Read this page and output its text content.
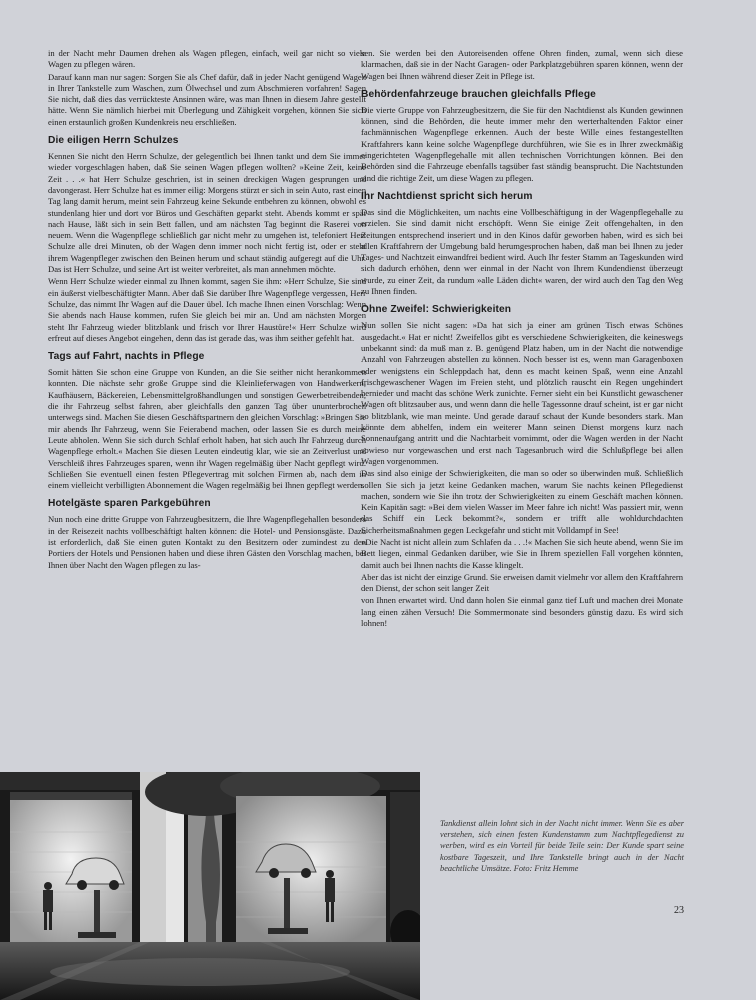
in der Nacht mehr Daumen drehen als Wagen pflegen, einfach, weil gar nicht so viele Wagen zu pflegen wären.

Darauf kann man nur sagen: Sorgen Sie als Chef dafür, daß in jeder Nacht genügend Wagen in Ihrer Tankstelle zum Waschen, zum Ölwechsel und zum Abschmieren vorfahren! Sagen Sie nicht, daß dies das verrückteste Ansinnen wäre, was man Ihnen in diesem Jahre gestellt hätte. Wenn Sie nämlich hierbei mit Überlegung und Zähigkeit vorgehen, können Sie sich einen erstaunlich großen Kundenkreis neu erschließen.

Die eiligen Herrn Schulzes

Kennen Sie nicht den Herrn Schulze, der gelegentlich bei Ihnen tankt und dem Sie immer wieder vorgeschlagen haben, daß Sie seinen Wagen pflegen wollten? »Keine Zeit, keine Zeit . . .« hat Herr Schulze geschrien, ist in seinen dreckigen Wagen gesprungen und davongerast. Herr Schulze hat es immer eilig: Morgens stürzt er sich in sein Auto, rast einen Tag lang damit herum, meint sein Fahrzeug keine Sekunde entbehren zu können, obwohl es stundenlang hier und dort vor Büros und Geschäften geparkt steht. Abends kommt er spät nach Hause, läßt sich in sein Bett fallen, und am nächsten Tag beginnt die Raserei von neuem. Wenn die Wagenpflege schließlich gar nicht mehr zu umgehen ist, telefoniert Herr Schulze alle drei Minuten, ob der Wagen denn immer noch nicht fertig ist, oder er steht ihrem Wagenpfleger zwischen den Beinen herum und schaut ständig aufgeregt auf die Uhr. Das ist Herr Schulze, und seine Art ist weiter verbreitet, als man annehmen möchte.

Wenn Herr Schulze wieder einmal zu Ihnen kommt, sagen Sie ihm: »Herr Schulze, Sie sind ein äußerst vielbeschäftigter Mann. Aber daß Sie darüber Ihre Wagenpflege vergessen, Herr Schulze, das nimmt Ihr Wagen auf die Dauer übel. Ich mache Ihnen einen Vorschlag: Wenn Sie abends nach Hause kommen, rufen Sie gleich bei mir an. Und am nächsten Morgen steht Ihr Fahrzeug wieder blitzblank und frisch vor Ihrer Haustüre!« Herr Schulze wird erfreut auf dieses Angebot eingehen, denn das ist gerade das, was ihm seither gefehlt hat.

Tags auf Fahrt, nachts in Pflege

Somit hätten Sie schon eine Gruppe von Kunden, an die Sie seither nicht herankommen konnten. Die nächste sehr große Gruppe sind die Kleinlieferwagen von Handwerkern, Kaufhäusern, Bäckereien, Lebensmittelgroßhandlungen und sonstigen Gewerbetreibenden, die ihr Fahrzeug selbst fahren, aber gleichfalls den ganzen Tag über ununterbrochen unterwegs sind. Machen Sie diesen Geschäftspartnern den gleichen Vorschlag: »Bringen Sie mir abends Ihr Fahrzeug, wenn Sie Feierabend machen, oder lassen Sie es durch meine Leute abholen. Wenn Sie sich durch Schlaf erholt haben, hat sich auch Ihr Fahrzeug durch Wagenpflege erholt.« Machen Sie diesen Leuten eindeutig klar, wie sie an Zeitverlust und Verschleiß ihres Fahrzeuges sparen, wenn ihr Wagen regelmäßig über Nacht gepflegt wird. Schließen Sie eventuell einen festen Pflegevertrag mit solchen Firmen ab, nach dem in einem vielleicht verbilligten Abonnement die Wagen regelmäßig bei Ihnen gepflegt werden.

Hotelgäste sparen Parkgebühren

Nun noch eine dritte Gruppe von Fahrzeugbesitzern, die Ihre Wagenpflegehallen besonders in der Reisezeit nachts vollbeschäftigt halten können: die Hotel- und Pensionsgäste. Dazu ist erforderlich, daß Sie einen guten Kontakt zu den Besitzern oder zumindest zu den Portiers der Hotels und Pensionen haben und diese ihren Gästen den Vorschlag machen, bei Ihnen über Nacht den Wagen pflegen zu las-

sen. Sie werden bei den Autoreisenden offene Ohren finden, zumal, wenn sich diese klarmachen, daß sie in der Nacht Garagen- oder Parkplatzgebühren sparen können, wenn der Wagen bei Ihnen während dieser Zeit in Pflege ist.

Behördenfahrzeuge brauchen gleichfalls Pflege

Die vierte Gruppe von Fahrzeugbesitzern, die Sie für den Nachtdienst als Kunden gewinnen können, sind die Behörden, die heute immer mehr den werterhaltenden Faktor einer fachmännischen Wagenpflege erkennen. Auch der beste Wille eines festangestellten Kraftfahrers kann keine solche Wagenpflege durchführen, wie Sie es in Ihrer zweckmäßig eingerichteten Wagenpflegehalle mit allen technischen Vorrichtungen können. Bei den Behörden sind die Fahrzeuge ebenfalls tagsüber fast ständig beansprucht. Die Nachtstunden sind die richtige Zeit, um diese Wagen zu pflegen.

Ihr Nachtdienst spricht sich herum

Das sind die Möglichkeiten, um nachts eine Vollbeschäftigung in der Wagenpflegehalle zu erzielen. Sie sind damit nicht erschöpft. Wenn Sie einige Zeit offengehalten, in den Zeitungen entsprechend inseriert und in den Kinos dafür geworben haben, wird es sich bei allen Kraftfahrern der Umgebung bald herumgesprochen haben, daß man bei Ihnen zu jeder Tages- und Nachtzeit einwandfrei bedient wird. Auch Ihr fester Stamm an Tageskunden wird sich dadurch erhöhen, denn wer einmal in der Nacht von Ihrem Kundendienst überzeugt wurde, zu einer Zeit, da rundum »alle Läden dicht« waren, der wird auch den Tag den Weg zu Ihnen finden.

Ohne Zweifel: Schwierigkeiten

Nun sollen Sie nicht sagen: »Da hat sich ja einer am grünen Tisch etwas Schönes ausgedacht.« Hat er nicht! Zweifellos gibt es verschiedene Schwierigkeiten, die keineswegs unbekannt sind: da muß man z. B. genügend Platz haben, um in der Nacht die notwendige Anzahl von Fahrzeugen abstellen zu können. Noch besser ist es, wenn man Garagenboxen oder wenigstens ein Schleppdach hat, denn es macht keinen Spaß, wenn eine Anzahl frischgewaschener Wagen im Freien steht, und plötzlich rauscht ein Regen ungehindert hernieder und macht das schöne Werk zunichte. Ferner sieht ein bei Kunstlicht gewaschener Wagen oft blitzsauber aus, und wenn dann die helle Tagessonne drauf scheint, ist er gar nicht so blitzblank, wie man meinte. Und gerade darauf schaut der Kunde besonders stark. Man könnte dem abhelfen, indem ein weiterer Mann seinen Dienst morgens kurz nach Sonnenaufgang antritt und die Nachtarbeit vornimmt, oder die Wagen werden in der Nacht sowieso nur vorgewaschen und erst nach Tagesanbruch wird die Schlußpflege bei allen Wagen vorgenommen.

Das sind also einige der Schwierigkeiten, die man so oder so überwinden muß. Schließlich sollen Sie sich ja jetzt keine Gedanken machen, warum Sie nachts keinen Pflegedienst machen, sondern wie Sie ihn trotz der Schwierigkeiten zu einem Geschäft machen können. Kein Kapitän sagt: »Bei dem vielen Wasser im Meer fahre ich nicht! Was passiert mir, wenn das Schiff ein Leck bekommt?«, sondern er trifft alle wohldurchdachten Sicherheitsmaßnahmen gegen Leckgefahr und sticht mit Volldampf in See!

»Die Nacht ist nicht allein zum Schlafen da . . .!« Machen Sie sich heute abend, wenn Sie im Bett liegen, einmal Gedanken darüber, wie Sie in Ihrem speziellen Fall vorgehen könnten, damit auch bei Ihnen nachts die Kasse klingelt.

Aber das ist nicht der einzige Grund. Sie erweisen damit vielmehr vor allem den Kraftfahrern den Dienst, der schon seit langer Zeit

von Ihnen erwartet wird. Und dann holen Sie einmal ganz tief Luft und machen drei Monate lang einen zähen Versuch! Die Sommermonate sind besonders günstig dazu. Es wird sich lohnen!

Tankdienst allein lohnt sich in der Nacht nicht immer. Wenn Sie es aber verstehen, sich einen festen Kundenstamm zum Nachtpflegedienst zu werben, wird es ein Vorteil für beide Teile sein: Der Kunde spart seine kostbare Tageszeit, und Ihre Tankstelle bringt auch in der Nacht beachtliche Umsätze. Foto: Fritz Hemme
23
